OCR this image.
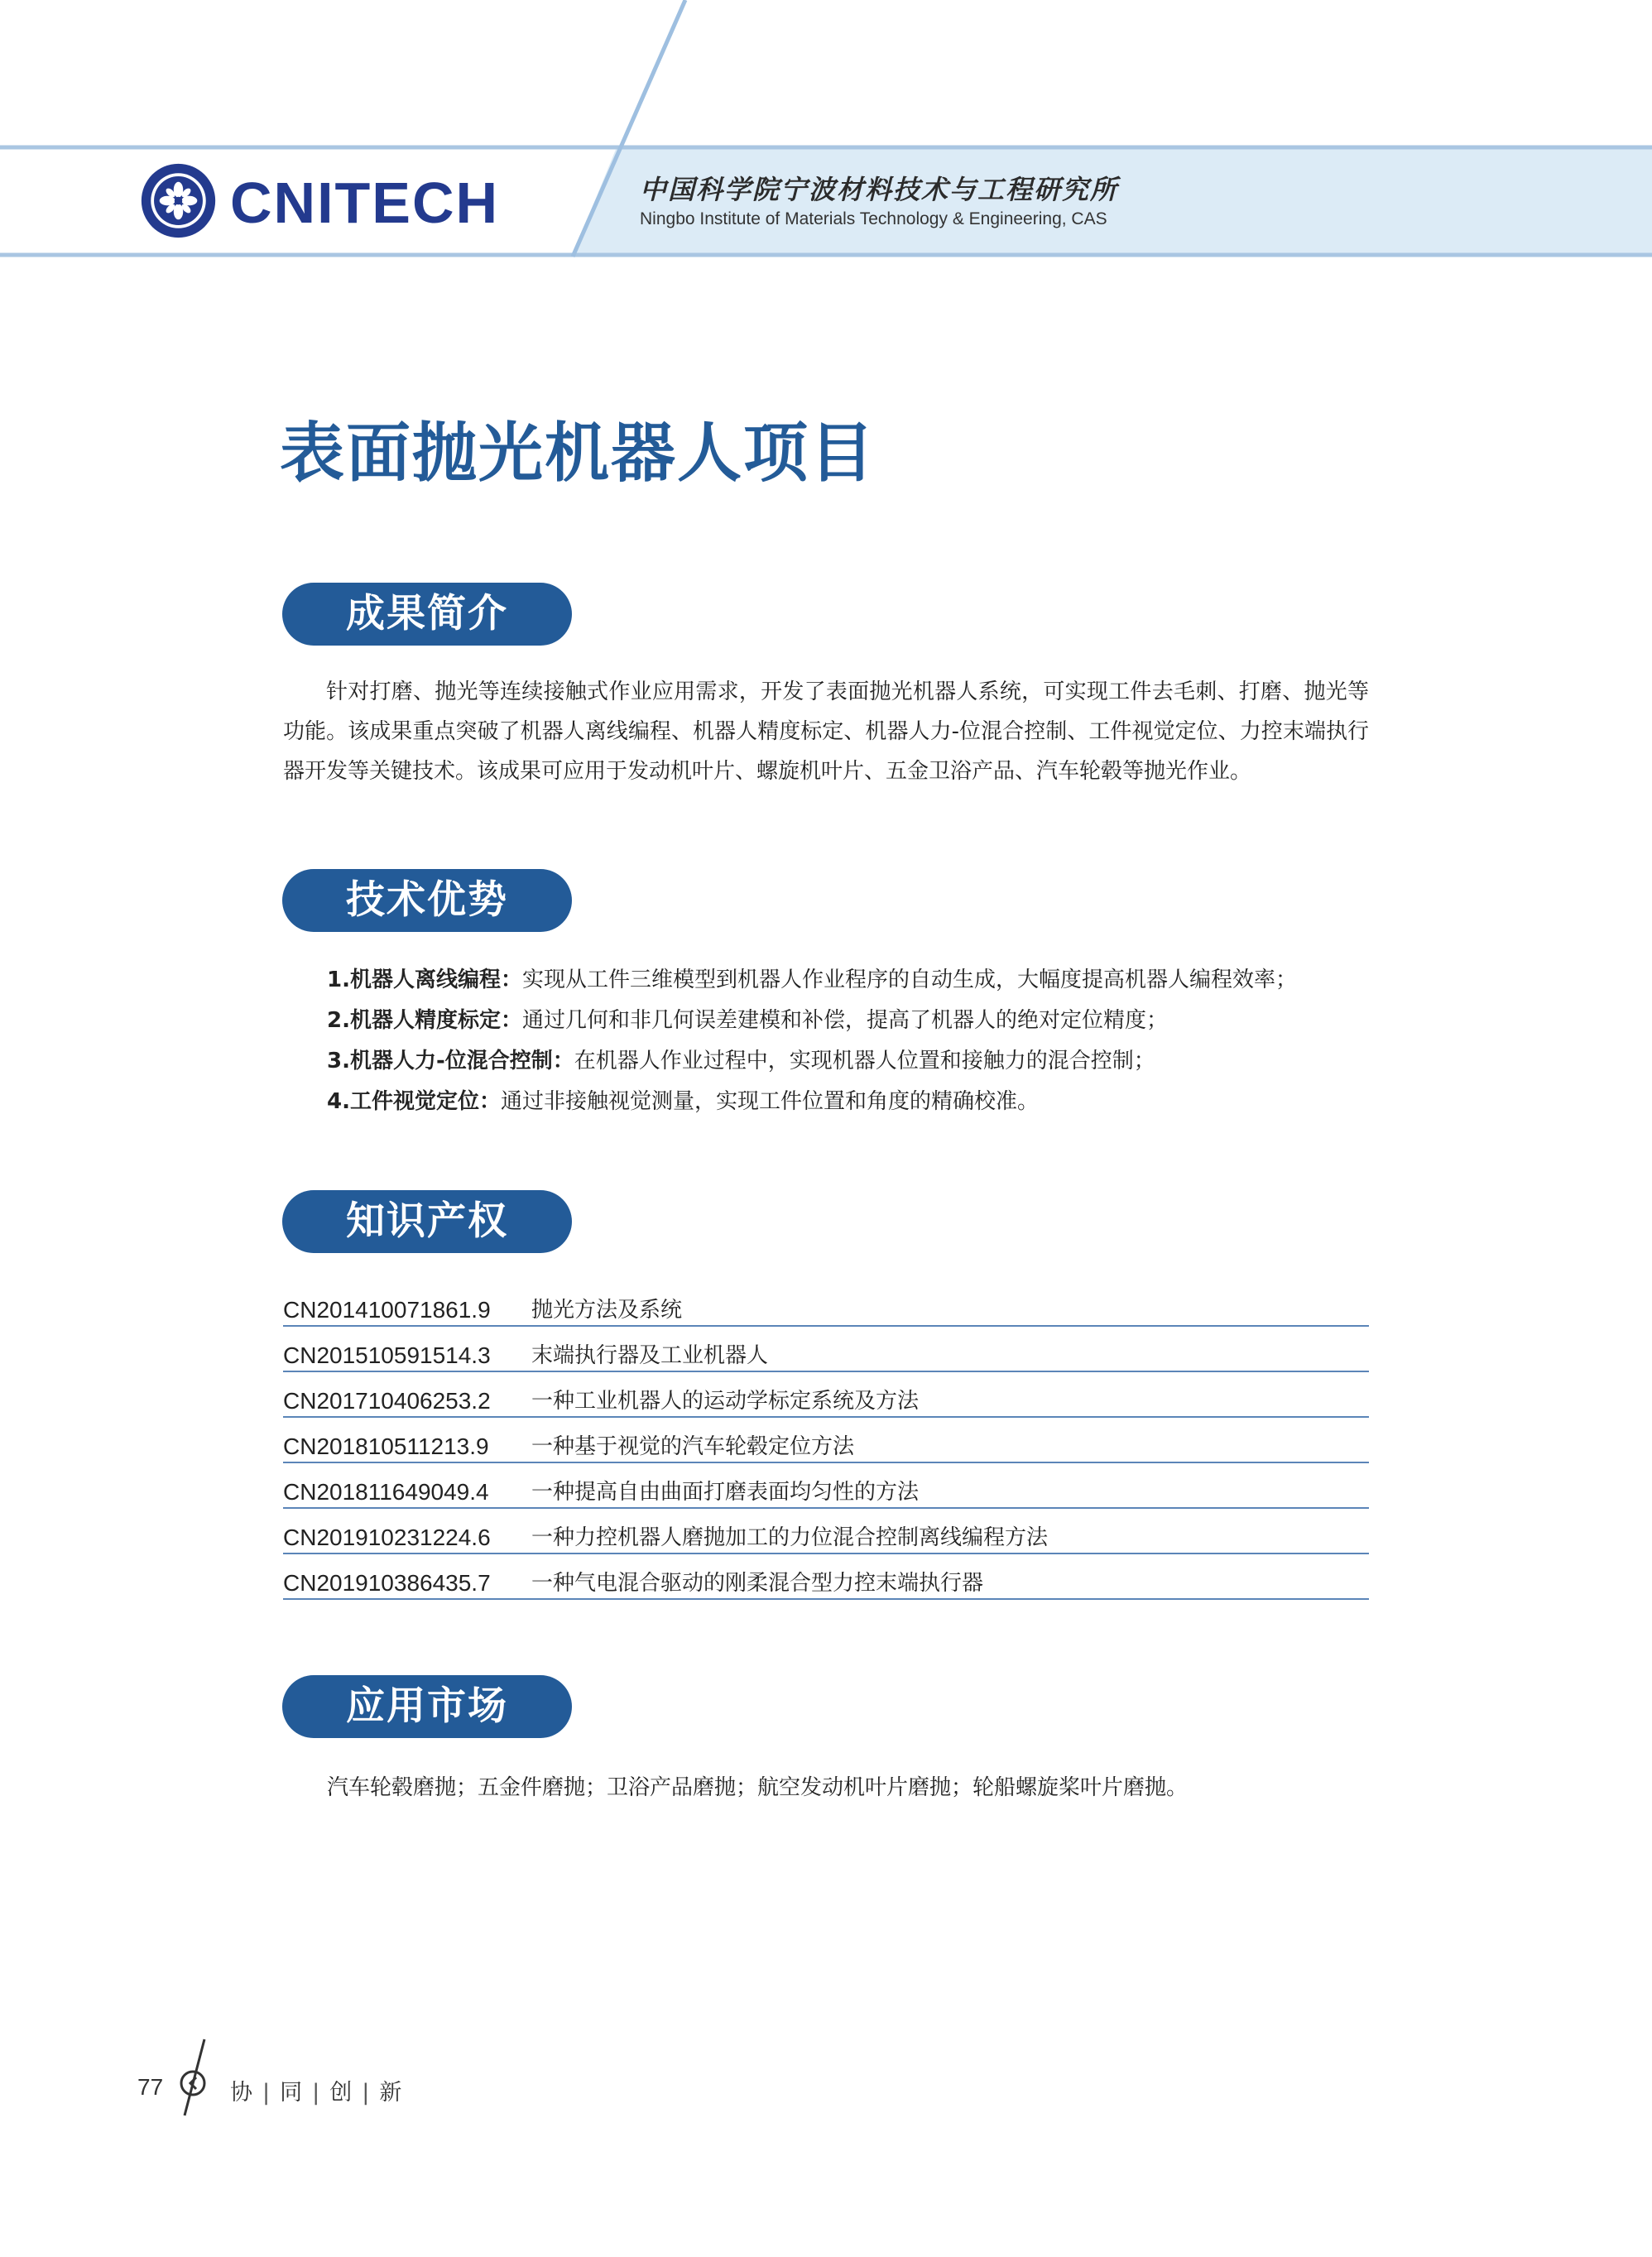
CNITECH	中国科学院宁波材料技术与工程研究所
Ningbo Institute of Materials Technology & Engineering, CAS
表面抛光机器人项目
成果简介

针对打磨、抛光等连续接触式作业应用需求，开发了表面抛光机器人系统，可实现工件去毛刺、打磨、抛光等功能。该成果重点突破了机器人离线编程、机器人精度标定、机器人力-位混合控制、工件视觉定位、力控末端执行器开发等关键技术。该成果可应用于发动机叶片、螺旋机叶片、五金卫浴产品、汽车轮毂等抛光作业。

技术优势
1.机器人离线编程：实现从工件三维模型到机器人作业程序的自动生成，大幅度提高机器人编程效率；
2.机器人精度标定：通过几何和非几何误差建模和补偿，提高了机器人的绝对定位精度；
3.机器人力-位混合控制：在机器人作业过程中，实现机器人位置和接触力的混合控制；
4.工件视觉定位：通过非接触视觉测量，实现工件位置和角度的精确校准。
知识产权
CN201410071861.9	抛光方法及系统
CN201510591514.3	末端执行器及工业机器人
CN201710406253.2	一种工业机器人的运动学标定系统及方法
CN201810511213.9	一种基于视觉的汽车轮毂定位方法
CN201811649049.4	一种提高自由曲面打磨表面均匀性的方法
CN201910231224.6	一种力控机器人磨抛加工的力位混合控制离线编程方法
CN201910386435.7	一种气电混合驱动的刚柔混合型力控末端执行器
应用市场
汽车轮毂磨抛；五金件磨抛；卫浴产品磨抛；航空发动机叶片磨抛；轮船螺旋桨叶片磨抛。
77	协 | 同 | 创 | 新
